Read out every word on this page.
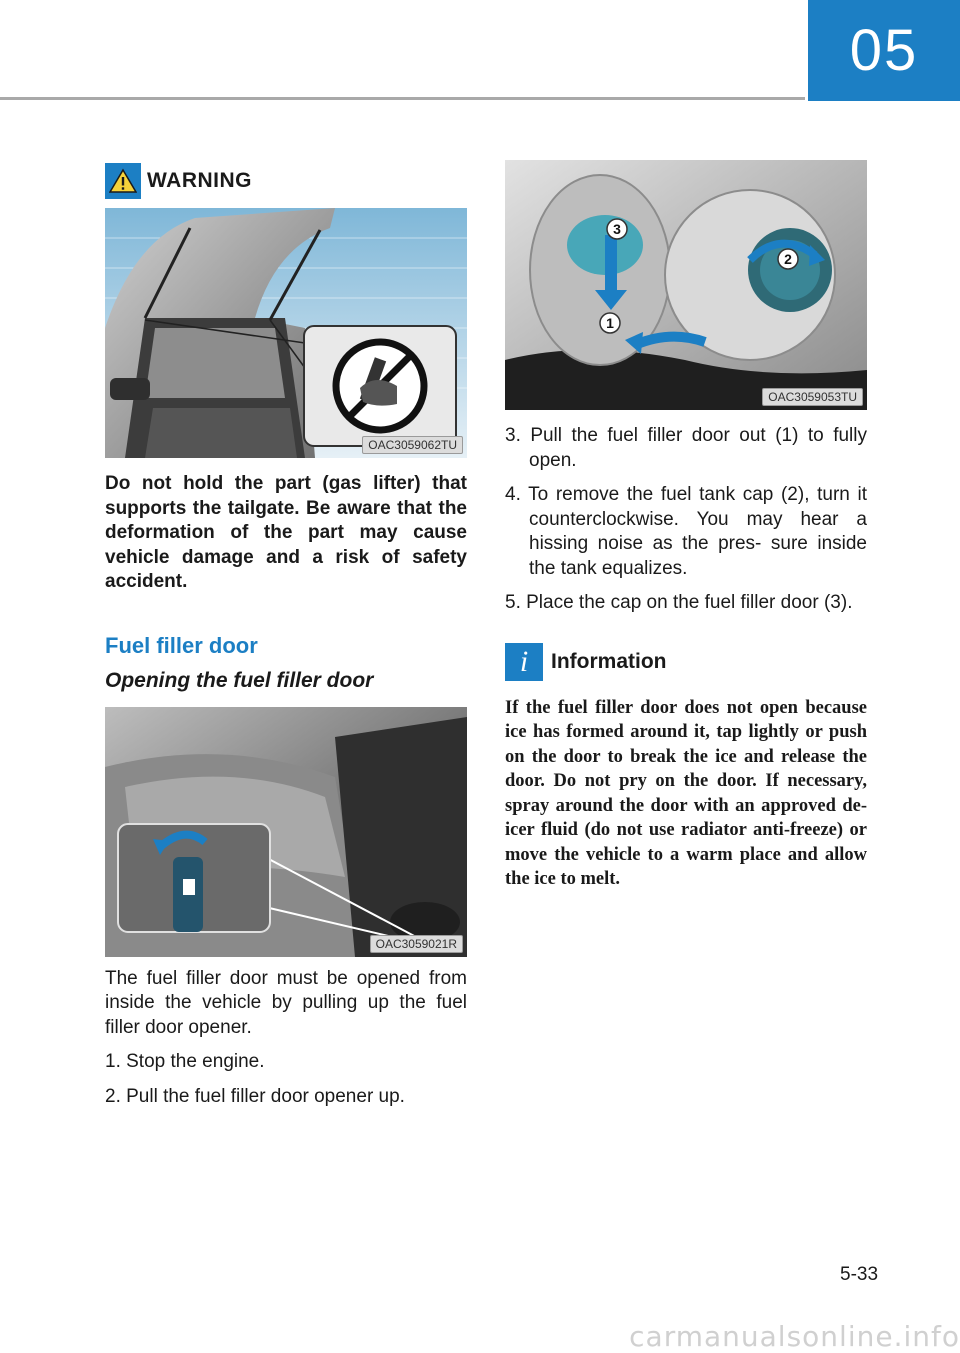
05
WARNING
OAC3059062TU

Do not hold the part (gas lifter) that supports the tailgate. Be aware that the deformation of the part may cause vehicle damage and a risk of safety accident.

Fuel filler door
Opening the fuel filler door
OAC3059021R

The fuel filler door must be opened from inside the vehicle by pulling up the fuel filler door opener.

1. Stop the engine.

2. Pull the fuel filler door opener up.

3
2
1
OAC3059053TU

3. Pull the fuel filler door out (1) to fully open.

4. To remove the fuel tank cap (2), turn it counterclockwise. You may hear a hissing noise as the pres- sure inside the tank equalizes.

5. Place the cap on the fuel filler door (3).

i	Information

If the fuel filler door does not open because ice has formed around it, tap lightly or push on the door to break the ice and release the door. Do not pry on the door. If necessary, spray around the door with an approved de-icer fluid (do not use radiator anti-freeze) or move the vehicle to a warm place and allow the ice to melt.

5-33
carmanualsonline.info
